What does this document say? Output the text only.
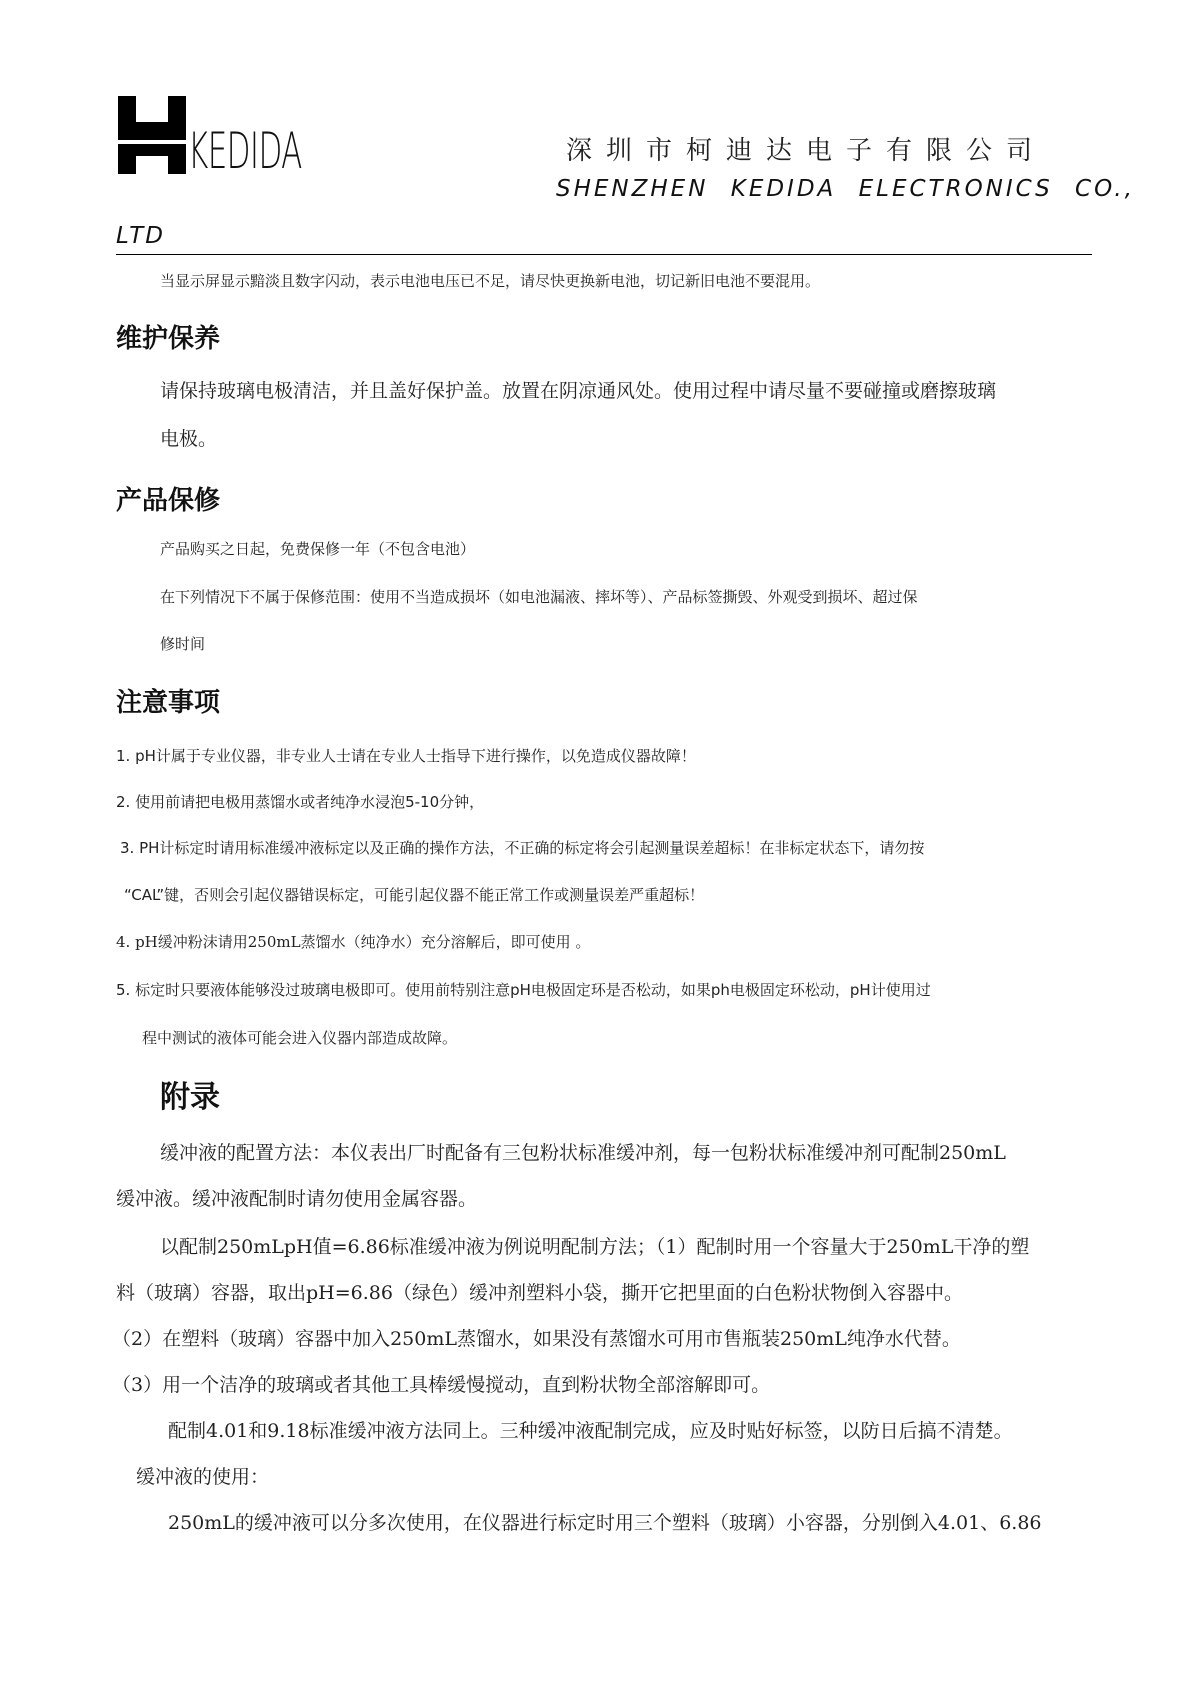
KEDIDA	深圳市柯迪达电子有限公司
SHENZHEN KEDIDA ELECTRONICS CO.,
LTD
当显示屏显示黯淡且数字闪动，表示电池电压已不足，请尽快更换新电池，切记新旧电池不要混用。
维护保养
请保持玻璃电极清洁，并且盖好保护盖。放置在阴凉通风处。使用过程中请尽量不要碰撞或磨擦玻璃
电极。
产品保修
产品购买之日起，免费保修一年（不包含电池）
在下列情况下不属于保修范围：使用不当造成损坏（如电池漏液、摔坏等）、产品标签撕毁、外观受到损坏、超过保
修时间
注意事项
1. pH计属于专业仪器，非专业人士请在专业人士指导下进行操作，以免造成仪器故障！
2. 使用前请把电极用蒸馏水或者纯净水浸泡5-10分钟，
3. PH计标定时请用标准缓冲液标定以及正确的操作方法，不正确的标定将会引起测量误差超标！在非标定状态下，请勿按
“CAL”键，否则会引起仪器错误标定，可能引起仪器不能正常工作或测量误差严重超标！
4. pH缓冲粉沫请用250mL蒸馏水（纯净水）充分溶解后，即可使用 。
5. 标定时只要液体能够没过玻璃电极即可。使用前特别注意pH电极固定环是否松动，如果ph电极固定环松动，pH计使用过
程中测试的液体可能会进入仪器内部造成故障。
附录
缓冲液的配置方法：本仪表出厂时配备有三包粉状标准缓冲剂，每一包粉状标准缓冲剂可配制250mL
缓冲液。缓冲液配制时请勿使用金属容器。
以配制250mLpH值=6.86标准缓冲液为例说明配制方法；（1）配制时用一个容量大于250mL干净的塑
料（玻璃）容器，取出pH=6.86（绿色）缓冲剂塑料小袋，撕开它把里面的白色粉状物倒入容器中。
（2）在塑料（玻璃）容器中加入250mL蒸馏水，如果没有蒸馏水可用市售瓶装250mL纯净水代替。
（3）用一个洁净的玻璃或者其他工具棒缓慢搅动，直到粉状物全部溶解即可。
配制4.01和9.18标准缓冲液方法同上。三种缓冲液配制完成，应及时贴好标签，以防日后搞不清楚。
缓冲液的使用：
250mL的缓冲液可以分多次使用，在仪器进行标定时用三个塑料（玻璃）小容器，分别倒入4.01、6.86
